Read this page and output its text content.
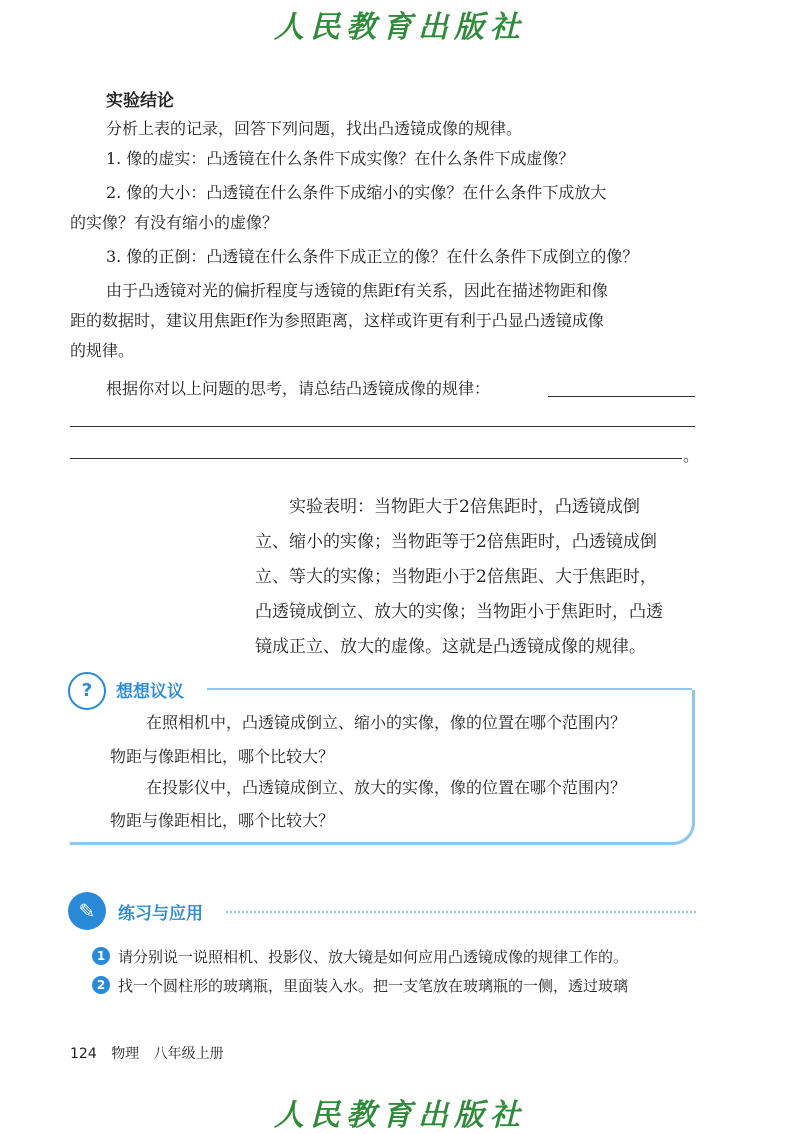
人民教育出版社
实验结论
分析上表的记录，回答下列问题，找出凸透镜成像的规律。
1. 像的虚实：凸透镜在什么条件下成实像？在什么条件下成虚像？
2. 像的大小：凸透镜在什么条件下成缩小的实像？在什么条件下成放大
的实像？有没有缩小的虚像？
3. 像的正倒：凸透镜在什么条件下成正立的像？在什么条件下成倒立的像？
由于凸透镜对光的偏折程度与透镜的焦距f有关系，因此在描述物距和像
距的数据时，建议用焦距f作为参照距离，这样或许更有利于凸显凸透镜成像
的规律。
根据你对以上问题的思考，请总结凸透镜成像的规律：
。
实验表明：当物距大于2倍焦距时，凸透镜成倒
立、缩小的实像；当物距等于2倍焦距时，凸透镜成倒
立、等大的实像；当物距小于2倍焦距、大于焦距时，
凸透镜成倒立、放大的实像；当物距小于焦距时，凸透
镜成正立、放大的虚像。这就是凸透镜成像的规律。
?	想想议议
在照相机中，凸透镜成倒立、缩小的实像，像的位置在哪个范围内？
物距与像距相比，哪个比较大？
在投影仪中，凸透镜成倒立、放大的实像，像的位置在哪个范围内？
物距与像距相比，哪个比较大？
✎	练习与应用
1 请分别说一说照相机、投影仪、放大镜是如何应用凸透镜成像的规律工作的。
2 找一个圆柱形的玻璃瓶，里面装入水。把一支笔放在玻璃瓶的一侧，透过玻璃
124 物理 八年级上册
人民教育出版社
